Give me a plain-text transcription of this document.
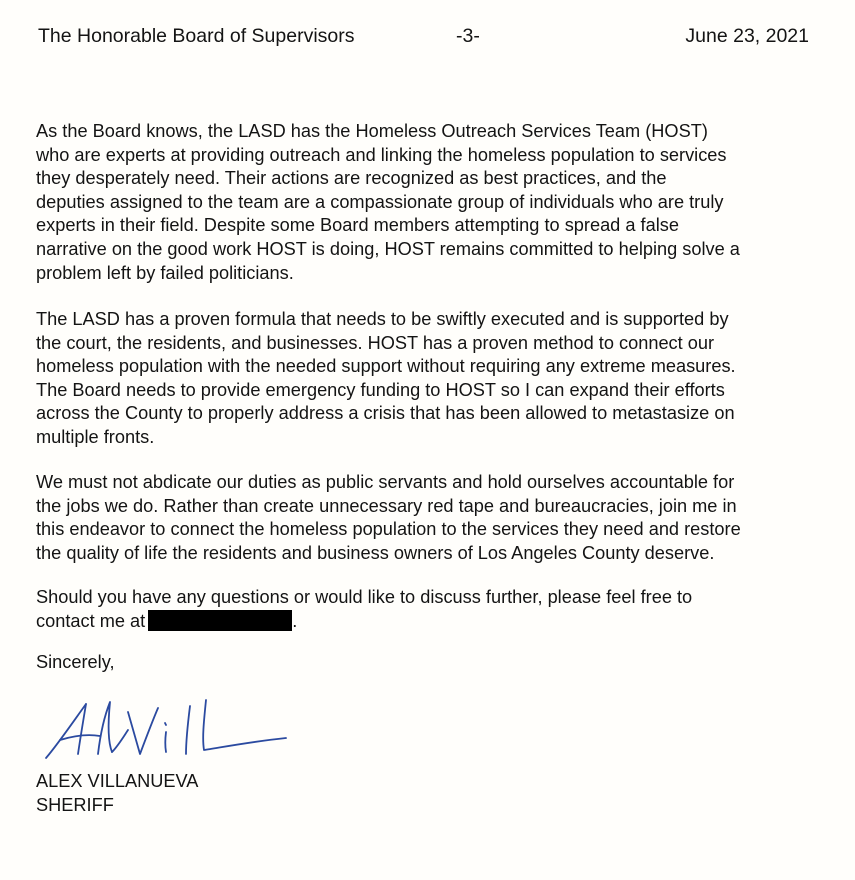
The Honorable Board of Supervisors	-3-	June 23, 2021

As the Board knows, the LASD has the Homeless Outreach Services Team (HOST)
who are experts at providing outreach and linking the homeless population to services
they desperately need. Their actions are recognized as best practices, and the
deputies assigned to the team are a compassionate group of individuals who are truly
experts in their field. Despite some Board members attempting to spread a false
narrative on the good work HOST is doing, HOST remains committed to helping solve a
problem left by failed politicians.

The LASD has a proven formula that needs to be swiftly executed and is supported by
the court, the residents, and businesses. HOST has a proven method to connect our
homeless population with the needed support without requiring any extreme measures.
The Board needs to provide emergency funding to HOST so I can expand their efforts
across the County to properly address a crisis that has been allowed to metastasize on
multiple fronts.

We must not abdicate our duties as public servants and hold ourselves accountable for
the jobs we do. Rather than create unnecessary red tape and bureaucracies, join me in
this endeavor to connect the homeless population to the services they need and restore
the quality of life the residents and business owners of Los Angeles County deserve.

Should you have any questions or would like to discuss further, please feel free to
contact me at	.

Sincerely,
ALEX VILLANUEVA
SHERIFF
